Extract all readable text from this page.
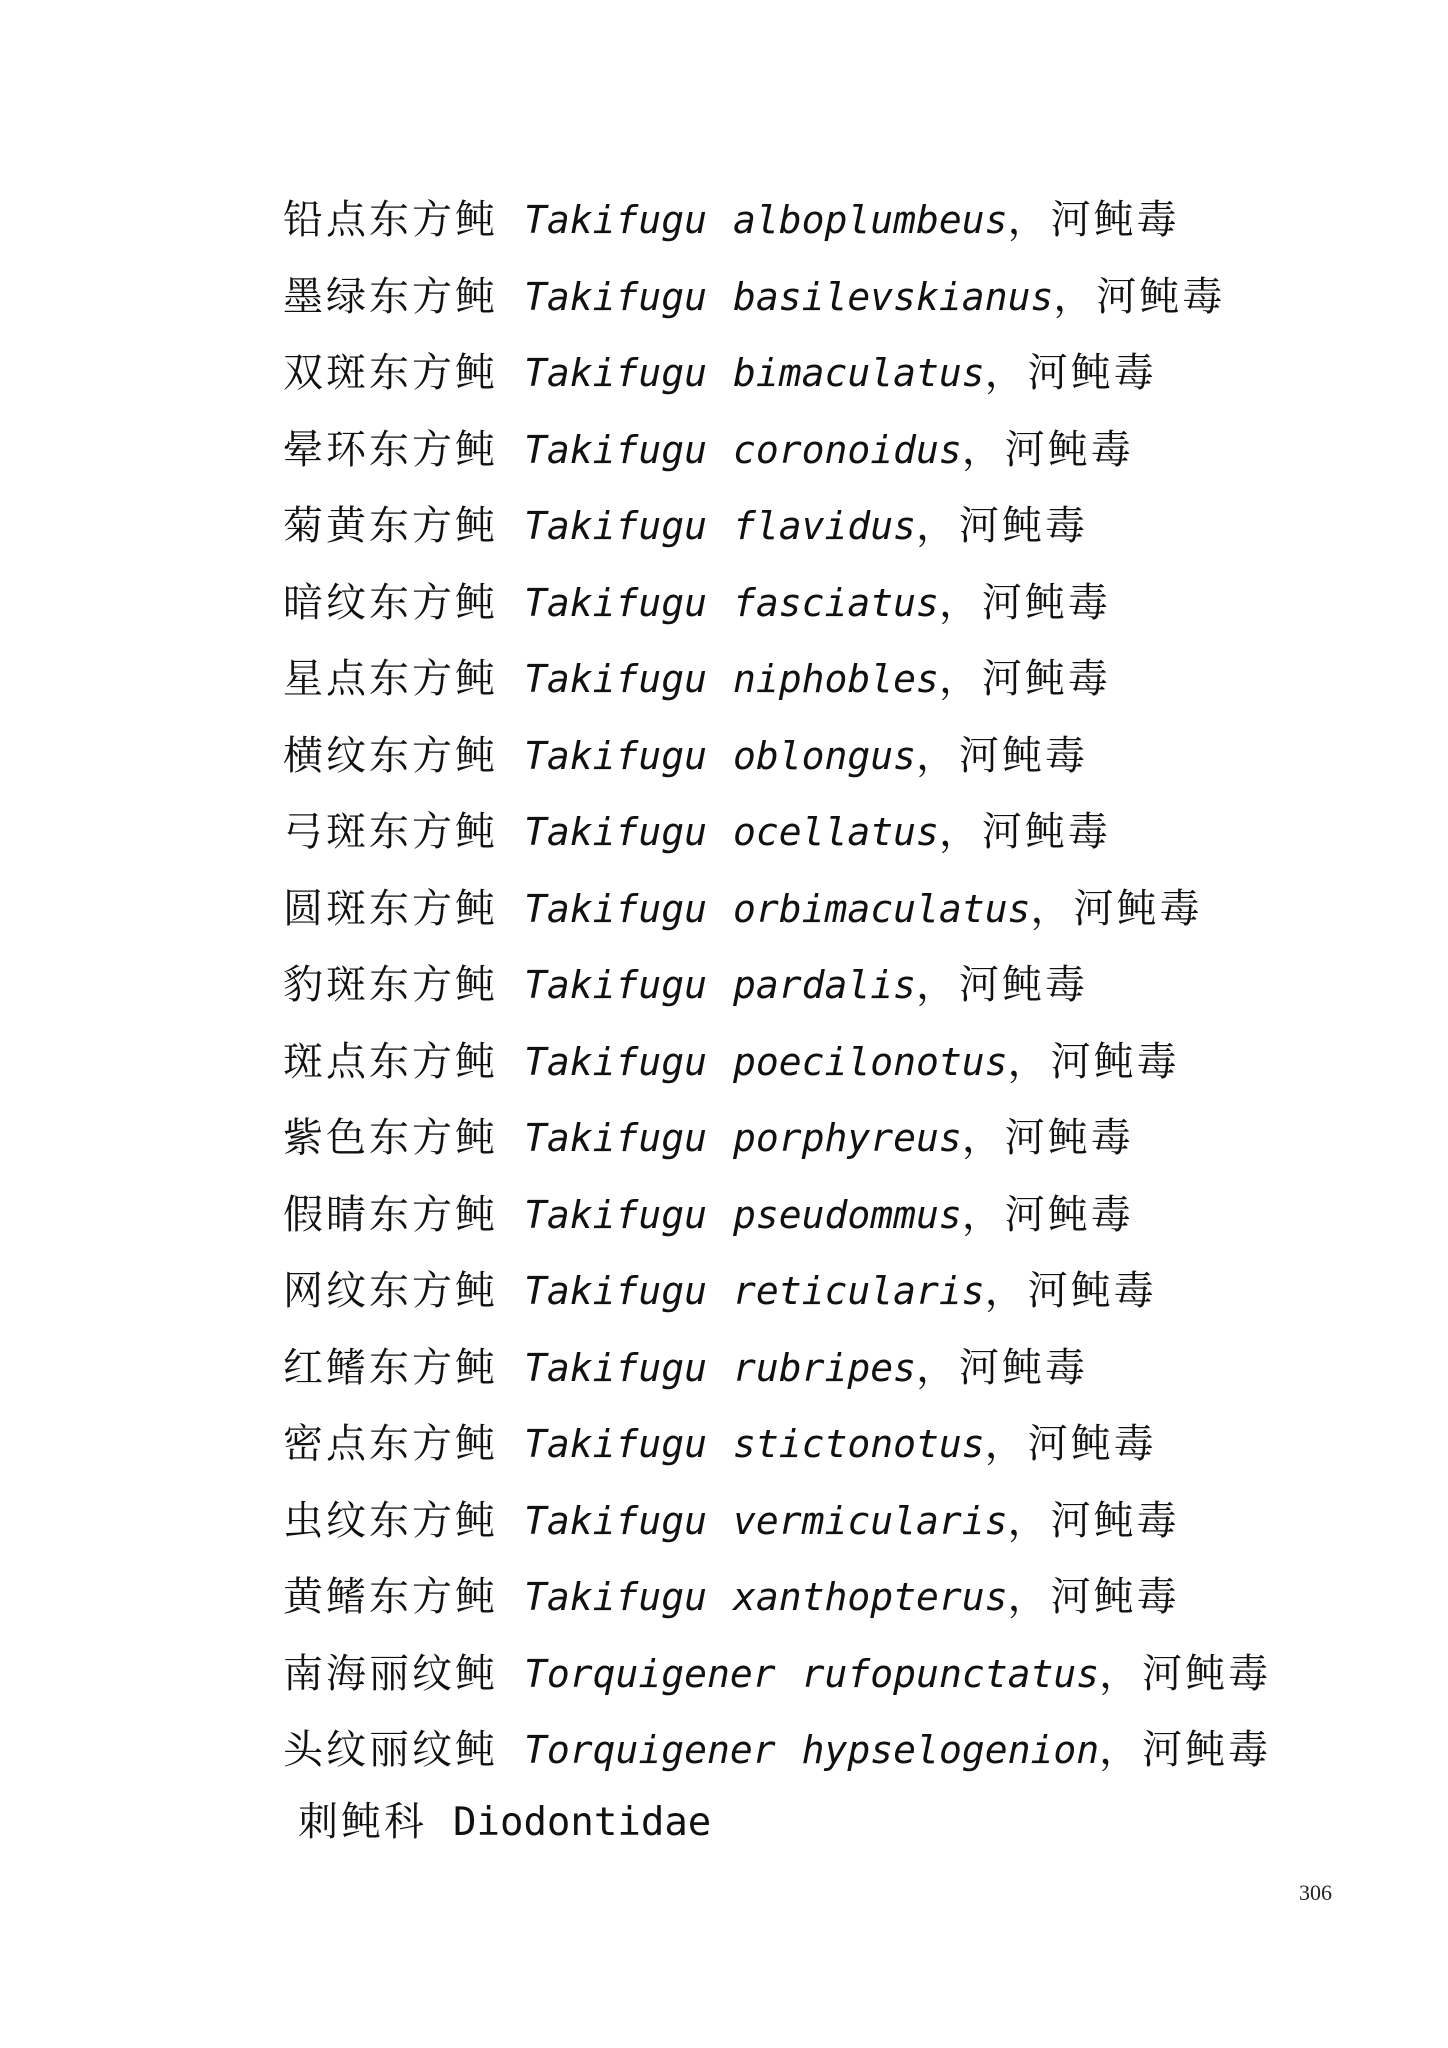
铅点东方鲀 Takifugu alboplumbeus，河鲀毒
墨绿东方鲀 Takifugu basilevskianus，河鲀毒
双斑东方鲀 Takifugu bimaculatus，河鲀毒
晕环东方鲀 Takifugu coronoidus，河鲀毒
菊黄东方鲀 Takifugu flavidus，河鲀毒
暗纹东方鲀 Takifugu fasciatus，河鲀毒
星点东方鲀 Takifugu niphobles，河鲀毒
横纹东方鲀 Takifugu oblongus，河鲀毒
弓斑东方鲀 Takifugu ocellatus，河鲀毒
圆斑东方鲀 Takifugu orbimaculatus，河鲀毒
豹斑东方鲀 Takifugu pardalis，河鲀毒
斑点东方鲀 Takifugu poecilonotus，河鲀毒
紫色东方鲀 Takifugu porphyreus，河鲀毒
假睛东方鲀 Takifugu pseudommus，河鲀毒
网纹东方鲀 Takifugu reticularis，河鲀毒
红鳍东方鲀 Takifugu rubripes，河鲀毒
密点东方鲀 Takifugu stictonotus，河鲀毒
虫纹东方鲀 Takifugu vermicularis，河鲀毒
黄鳍东方鲀 Takifugu xanthopterus，河鲀毒
南海丽纹鲀 Torquigener rufopunctatus，河鲀毒
头纹丽纹鲀 Torquigener hypselogenion，河鲀毒
刺鲀科 Diodontidae
306
